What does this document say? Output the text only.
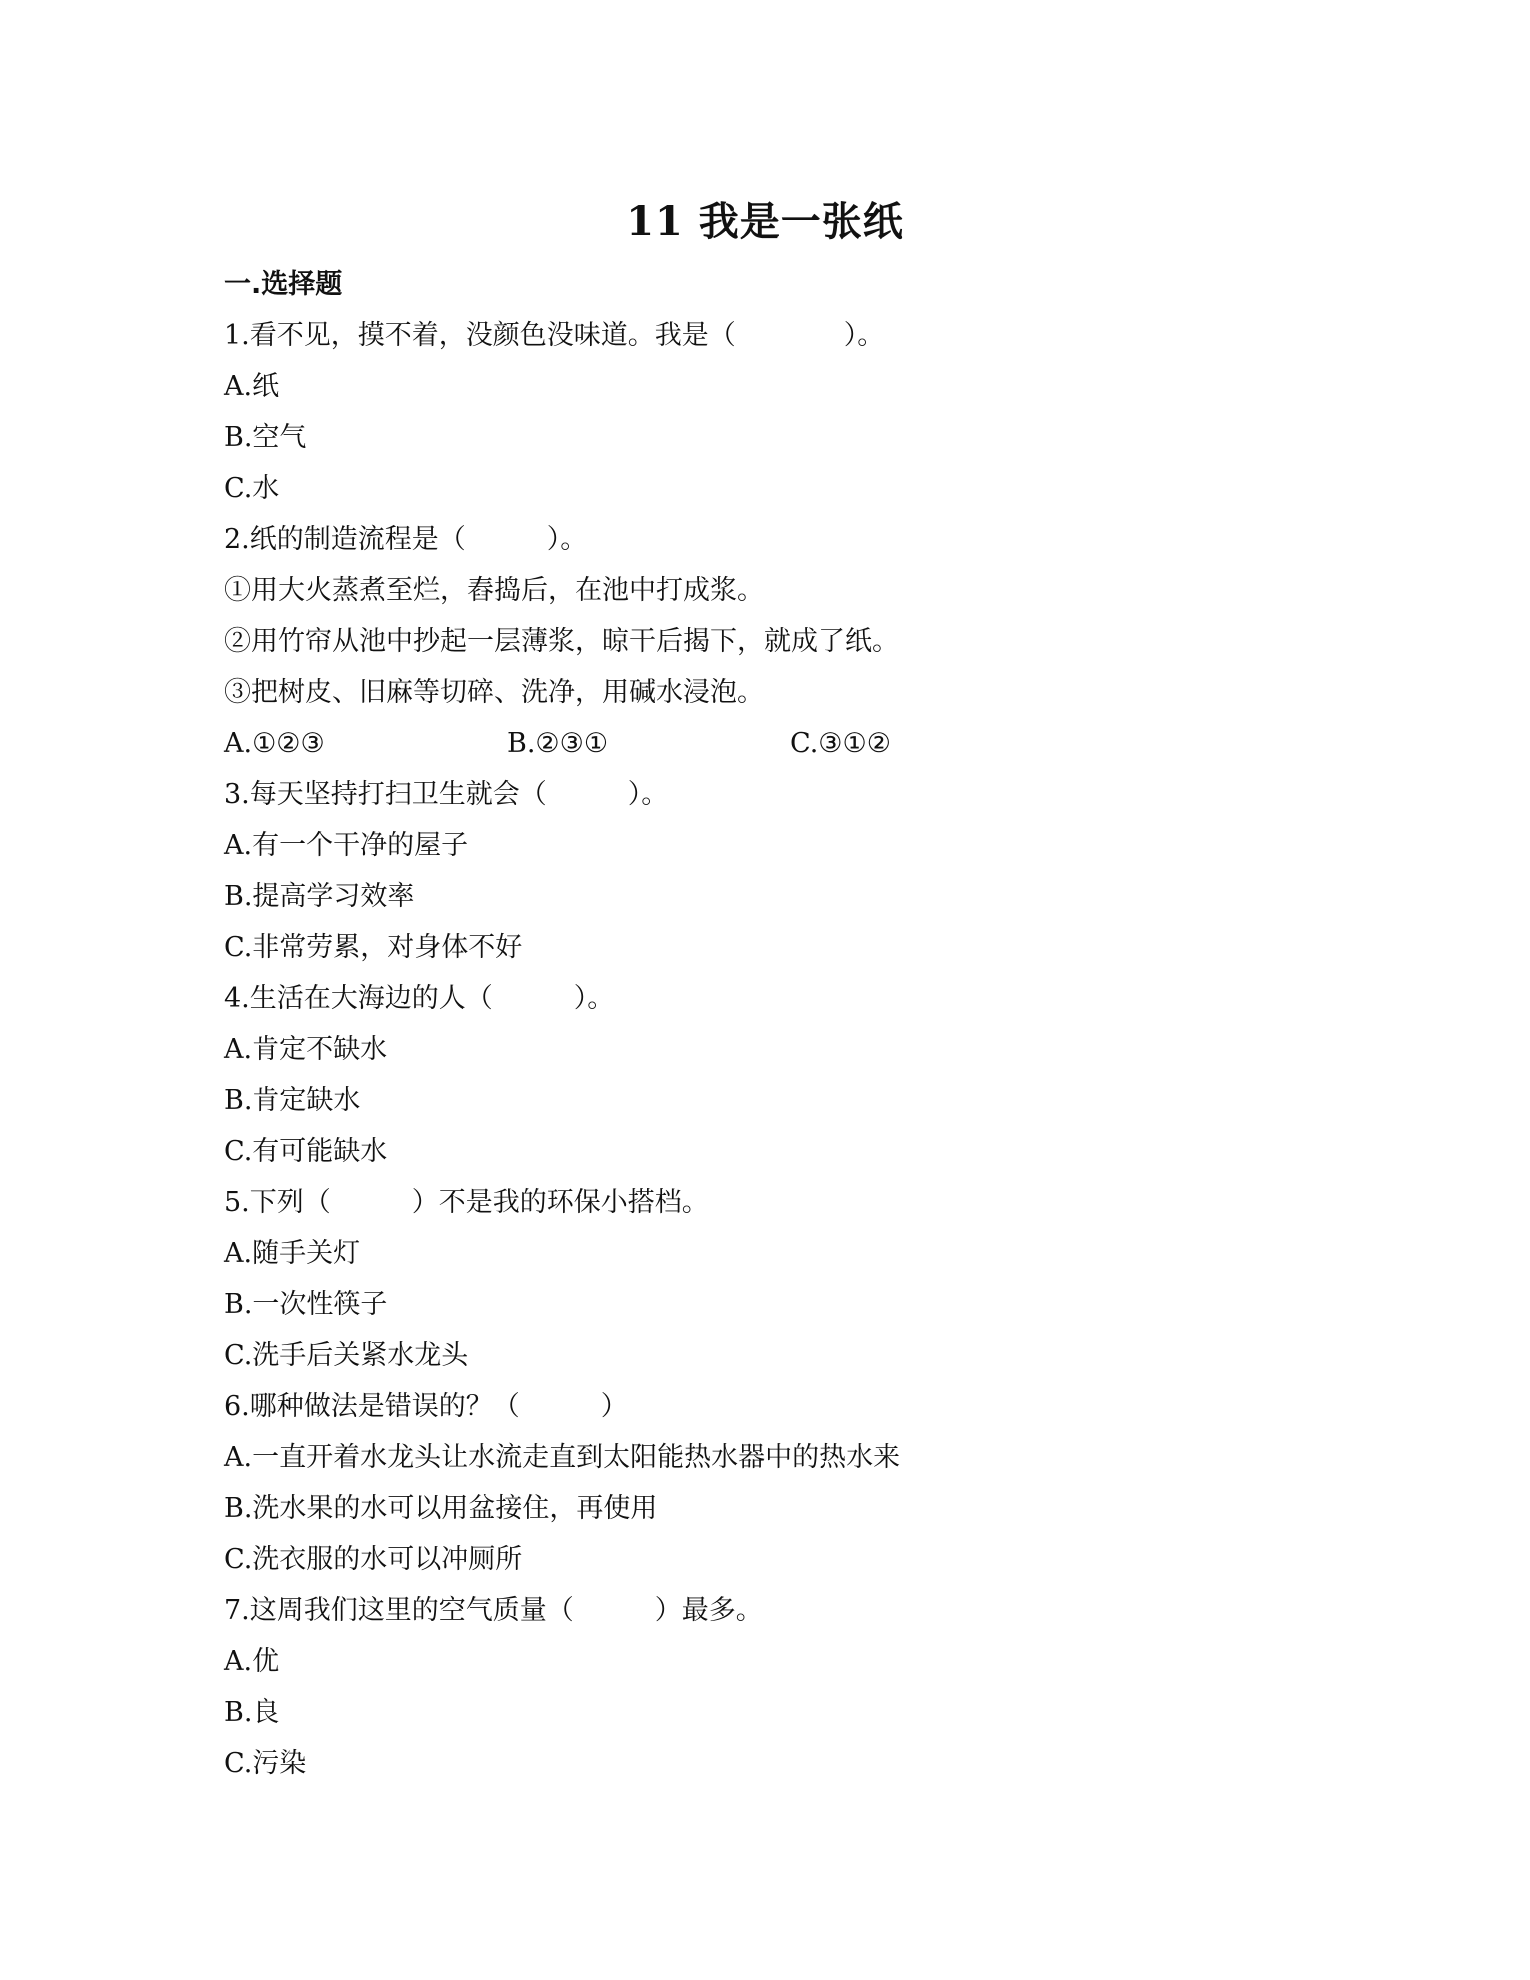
11 我是一张纸
一.选择题
1.看不见，摸不着，没颜色没味道。我是（　　　　）。
A.纸
B.空气
C.水
2.纸的制造流程是（　　　）。
①用大火蒸煮至烂，舂捣后，在池中打成浆。
②用竹帘从池中抄起一层薄浆，晾干后揭下，就成了纸。
③把树皮、旧麻等切碎、洗净，用碱水浸泡。
A.①②③	B.②③①	C.③①②
3.每天坚持打扫卫生就会（　　　）。
A.有一个干净的屋子
B.提高学习效率
C.非常劳累，对身体不好
4.生活在大海边的人（　　　）。
A.肯定不缺水
B.肯定缺水
C.有可能缺水
5.下列（　　　）不是我的环保小搭档。
A.随手关灯
B.一次性筷子
C.洗手后关紧水龙头
6.哪种做法是错误的？（　　　）
A.一直开着水龙头让水流走直到太阳能热水器中的热水来
B.洗水果的水可以用盆接住，再使用
C.洗衣服的水可以冲厕所
7.这周我们这里的空气质量（　　　）最多。
A.优
B.良
C.污染
